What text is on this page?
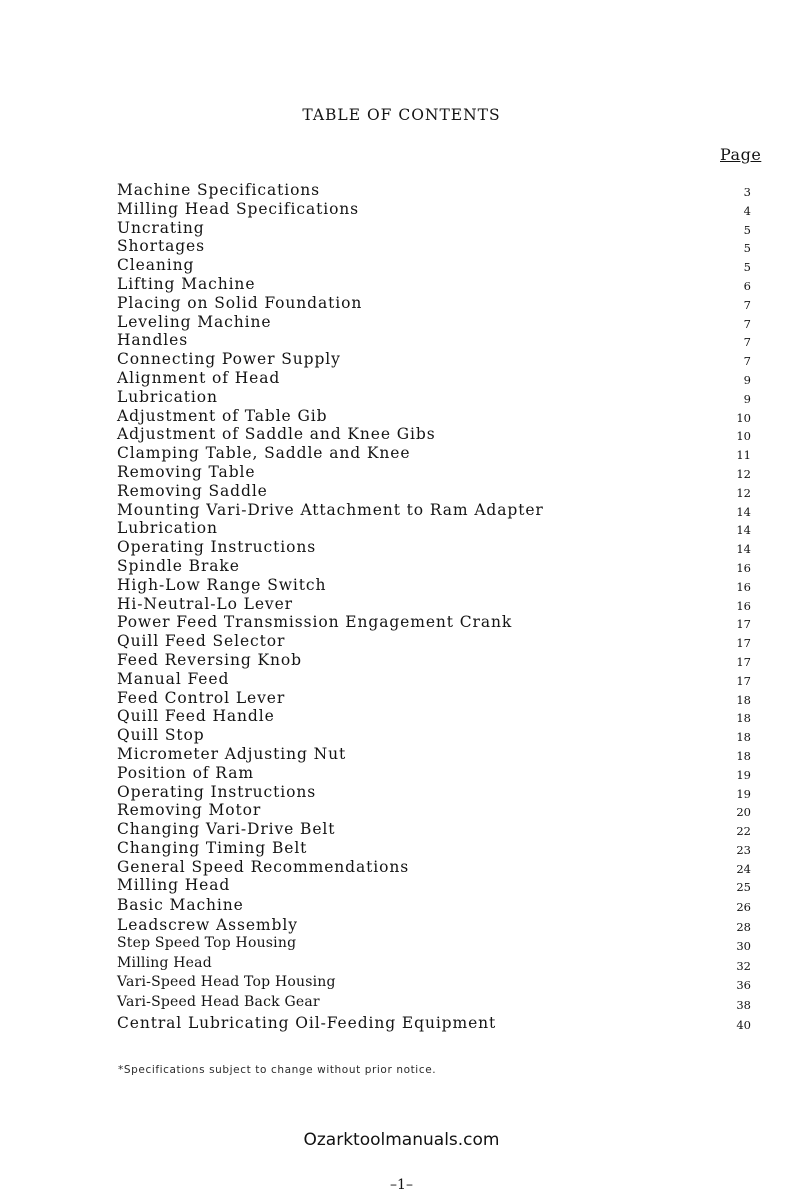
TABLE OF CONTENTS
Page
Machine Specifications	3
Milling Head Specifications	4
Uncrating	5
Shortages	5
Cleaning	5
Lifting Machine	6
Placing on Solid Foundation	7
Leveling Machine	7
Handles	7
Connecting Power Supply	7
Alignment of Head	9
Lubrication	9
Adjustment of Table Gib	10
Adjustment of Saddle and Knee Gibs	10
Clamping Table, Saddle and Knee	11
Removing Table	12
Removing Saddle	12
Mounting Vari-Drive Attachment to Ram Adapter	14
Lubrication	14
Operating Instructions	14
Spindle Brake	16
High-Low Range Switch	16
Hi-Neutral-Lo Lever	16
Power Feed Transmission Engagement Crank	17
Quill Feed Selector	17
Feed Reversing Knob	17
Manual Feed	17
Feed Control Lever	18
Quill Feed Handle	18
Quill Stop	18
Micrometer Adjusting Nut	18
Position of Ram	19
Operating Instructions	19
Removing Motor	20
Changing Vari-Drive Belt	22
Changing Timing Belt	23
General Speed Recommendations	24
Milling Head	25
Basic Machine	26
Leadscrew Assembly	28
Step Speed Top Housing	30
Milling Head	32
Vari-Speed Head Top Housing	36
Vari-Speed Head Back Gear	38
Central Lubricating Oil-Feeding Equipment	40
*Specifications subject to change without prior notice.
Ozarktoolmanuals.com
–1–
